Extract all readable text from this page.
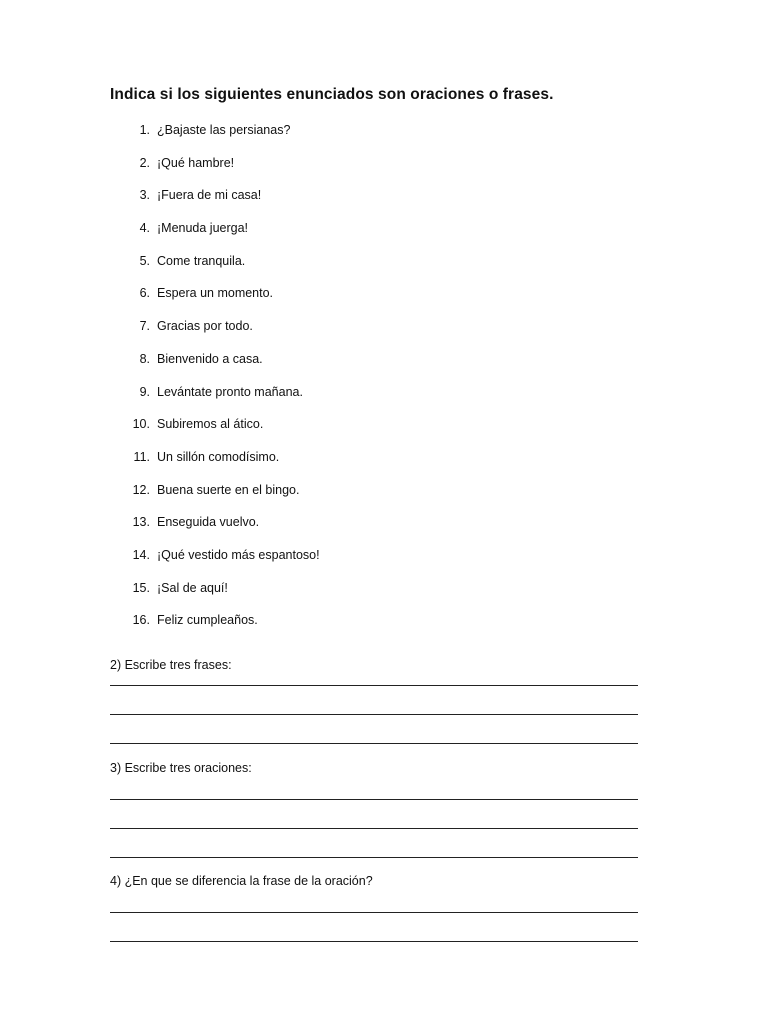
Indica si los siguientes enunciados son oraciones o frases.
1. ¿Bajaste las persianas?
2. ¡Qué hambre!
3. ¡Fuera de mi casa!
4. ¡Menuda juerga!
5. Come tranquila.
6. Espera un momento.
7. Gracias por todo.
8. Bienvenido a casa.
9. Levántate pronto mañana.
10. Subiremos al ático.
11. Un sillón comodísimo.
12. Buena suerte en el bingo.
13. Enseguida vuelvo.
14. ¡Qué vestido más espantoso!
15. ¡Sal de aquí!
16. Feliz cumpleaños.
2) Escribe tres frases:
3) Escribe tres oraciones:
4) ¿En que se diferencia la frase de la oración?
